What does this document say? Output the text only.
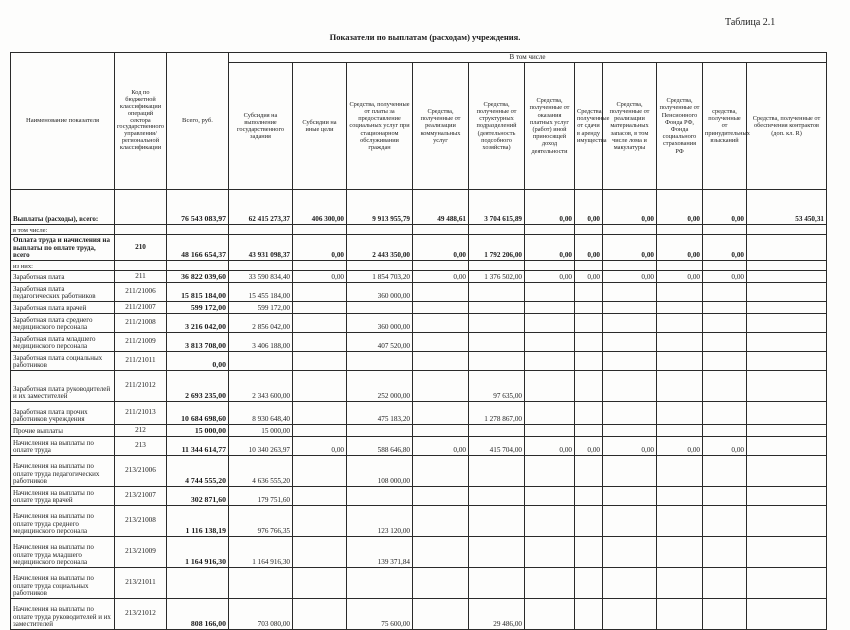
Таблица 2.1
Показатели по выплатам (расходам) учреждения.
Наименование показателя	Код по бюджетной классификации операций сектора государственного управления/ региональной классификации	Всего, руб.	В том числе										
			Субсидия на выполнение государственного задания	Субсидии на иные цели	Средства, полученные от платы за предоставление социальных услуг при стационарном обслуживании граждан	Средства, полученные от реализации коммунальных услуг	Средства, полученные от структурных подразделений (деятельность подсобного хозяйства)	Средства, полученные от оказания платных услуг (работ) иной приносящей доход деятельности	Средства, полученные от сдачи в аренду имущества	Средства, полученные от реализации материальных запасов, в том числе лома и макулатуры	Средства, полученные от Пенсионного Фонда РФ, Фонда социального страхования РФ	средства, полученные от принудительных взысканий	Средства, полученные от обеспечения контрактов (доп. кл. R)
Выплаты (расходы), всего:		76 543 083,97	62 415 273,37	406 300,00	9 913 955,79	49 488,61	3 704 615,89	0,00	0,00	0,00	0,00	0,00	53 450,31
в том числе:													
Оплата труда и начисления на выплаты по оплате труда, всего	210	48 166 654,37	43 931 098,37	0,00	2 443 350,00	0,00	1 792 206,00	0,00	0,00	0,00	0,00	0,00	
из них:													
Заработная плата	211	36 822 039,60	33 590 834,40	0,00	1 854 703,20	0,00	1 376 502,00	0,00	0,00	0,00	0,00	0,00	
Заработная плата педагогических работников	211/21006	15 815 184,00	15 455 184,00		360 000,00								
Заработная плата врачей	211/21007	599 172,00	599 172,00										
Заработная плата среднего медицинского персонала	211/21008	3 216 042,00	2 856 042,00		360 000,00								
Заработная плата младшего медицинского персонала	211/21009	3 813 708,00	3 406 188,00		407 520,00								
Заработная плата социальных работников	211/21011	0,00											
Заработная плата руководителей и их заместителей	211/21012	2 693 235,00	2 343 600,00		252 000,00		97 635,00						
Заработная плата прочих работников учреждения	211/21013	10 684 698,60	8 930 648,40		475 183,20		1 278 867,00						
Прочие выплаты	212	15 000,00	15 000,00										
Начисления на выплаты по оплате труда	213	11 344 614,77	10 340 263,97	0,00	588 646,80	0,00	415 704,00	0,00	0,00	0,00	0,00	0,00	
Начисления на выплаты по оплате труда педагогических работников	213/21006	4 744 555,20	4 636 555,20		108 000,00								
Начисления на выплаты по оплате труда врачей	213/21007	302 871,60	179 751,60										
Начисления на выплаты по оплате труда среднего медицинского персонала	213/21008	1 116 138,19	976 766,35		123 120,00								
Начисления на выплаты по оплате труда младшего медицинского персонала	213/21009	1 164 916,30	1 164 916,30		139 371,84								
Начисления на выплаты по оплате труда социальных работников	213/21011												
Начисления на выплаты по оплате труда руководителей и их заместителей	213/21012	808 166,00	703 080,00		75 600,00		29 486,00						
